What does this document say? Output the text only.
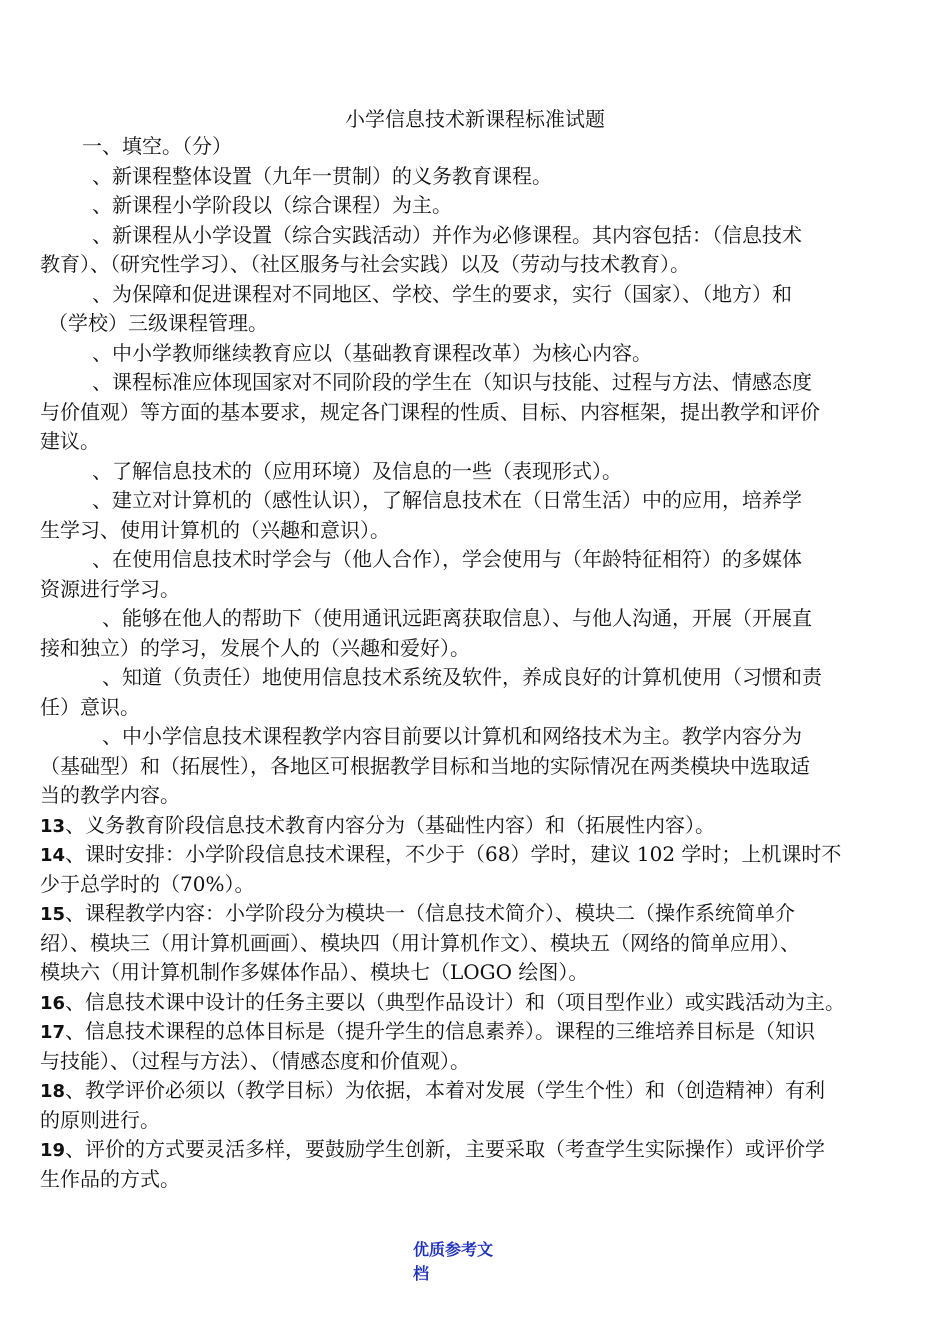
小学信息技术新课程标准试题
一、填空。（分）
、新课程整体设置（九年一贯制）的义务教育课程。
、新课程小学阶段以（综合课程）为主。
、新课程从小学设置（综合实践活动）并作为必修课程。其内容包括：（信息技术
教育）、（研究性学习）、（社区服务与社会实践）以及（劳动与技术教育）。
、为保障和促进课程对不同地区、学校、学生的要求，实行（国家）、（地方）和
（学校）三级课程管理。
、中小学教师继续教育应以（基础教育课程改革）为核心内容。
、课程标准应体现国家对不同阶段的学生在（知识与技能、过程与方法、情感态度
与价值观）等方面的基本要求，规定各门课程的性质、目标、内容框架，提出教学和评价
建议。
、了解信息技术的（应用环境）及信息的一些（表现形式）。
、建立对计算机的（感性认识），了解信息技术在（日常生活）中的应用，培养学
生学习、使用计算机的（兴趣和意识）。
、在使用信息技术时学会与（他人合作），学会使用与（年龄特征相符）的多媒体
资源进行学习。
、能够在他人的帮助下（使用通讯远距离获取信息）、与他人沟通，开展（开展直
接和独立）的学习，发展个人的（兴趣和爱好）。
、知道（负责任）地使用信息技术系统及软件，养成良好的计算机使用（习惯和责
任）意识。
、中小学信息技术课程教学内容目前要以计算机和网络技术为主。教学内容分为
（基础型）和（拓展性），各地区可根据教学目标和当地的实际情况在两类模块中选取适
当的教学内容。
13、义务教育阶段信息技术教育内容分为（基础性内容）和（拓展性内容）。
14、课时安排：小学阶段信息技术课程，不少于（68）学时，建议 102 学时；上机课时不
少于总学时的（70%）。
15、课程教学内容：小学阶段分为模块一（信息技术简介）、模块二（操作系统简单介
绍）、模块三（用计算机画画）、模块四（用计算机作文）、模块五（网络的简单应用）、
模块六（用计算机制作多媒体作品）、模块七（LOGO 绘图）。
16、信息技术课中设计的任务主要以（典型作品设计）和（项目型作业）或实践活动为主。
17、信息技术课程的总体目标是（提升学生的信息素养）。课程的三维培养目标是（知识
与技能）、（过程与方法）、（情感态度和价值观）。
18、教学评价必须以（教学目标）为依据，本着对发展（学生个性）和（创造精神）有利
的原则进行。
19、评价的方式要灵活多样，要鼓励学生创新，主要采取（考查学生实际操作）或评价学
生作品的方式。
优质参考文
档
